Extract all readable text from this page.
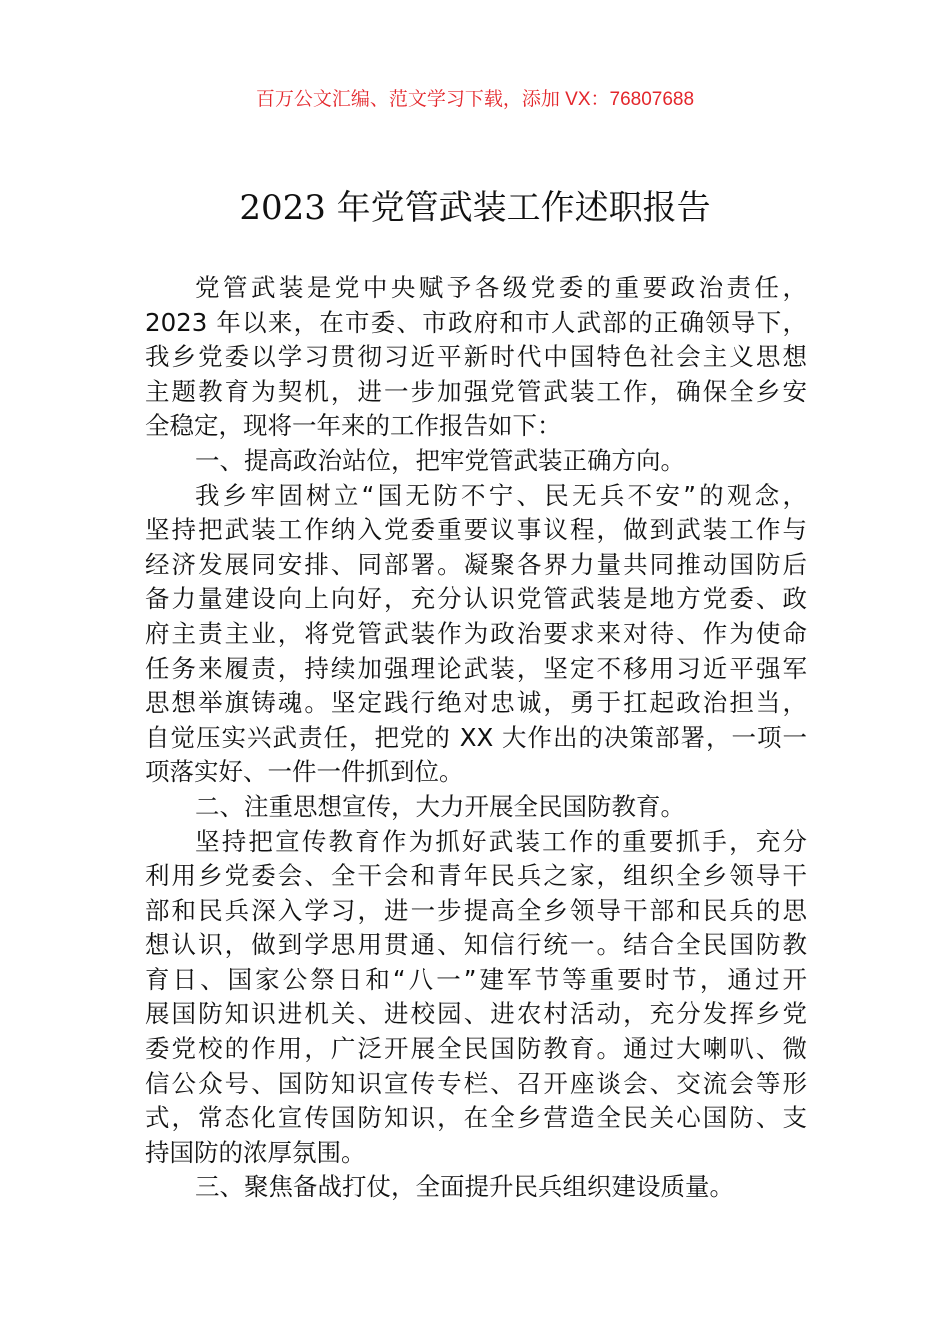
百万公文汇编、范文学习下载，添加 VX：76807688
2023 年党管武装工作述职报告
党管武装是党中央赋予各级党委的重要政治责任，
2023 年以来，在市委、市政府和市人武部的正确领导下，
我乡党委以学习贯彻习近平新时代中国特色社会主义思想
主题教育为契机，进一步加强党管武装工作，确保全乡安
全稳定，现将一年来的工作报告如下：
一、提高政治站位，把牢党管武装正确方向。
我乡牢固树立“国无防不宁、民无兵不安”的观念，
坚持把武装工作纳入党委重要议事议程，做到武装工作与
经济发展同安排、同部署。凝聚各界力量共同推动国防后
备力量建设向上向好，充分认识党管武装是地方党委、政
府主责主业，将党管武装作为政治要求来对待、作为使命
任务来履责，持续加强理论武装，坚定不移用习近平强军
思想举旗铸魂。坚定践行绝对忠诚，勇于扛起政治担当，
自觉压实兴武责任，把党的 XX 大作出的决策部署，一项一
项落实好、一件一件抓到位。
二、注重思想宣传，大力开展全民国防教育。
坚持把宣传教育作为抓好武装工作的重要抓手，充分
利用乡党委会、全干会和青年民兵之家，组织全乡领导干
部和民兵深入学习，进一步提高全乡领导干部和民兵的思
想认识，做到学思用贯通、知信行统一。结合全民国防教
育日、国家公祭日和“八一”建军节等重要时节，通过开
展国防知识进机关、进校园、进农村活动，充分发挥乡党
委党校的作用，广泛开展全民国防教育。通过大喇叭、微
信公众号、国防知识宣传专栏、召开座谈会、交流会等形
式，常态化宣传国防知识，在全乡营造全民关心国防、支
持国防的浓厚氛围。
三、聚焦备战打仗，全面提升民兵组织建设质量。
